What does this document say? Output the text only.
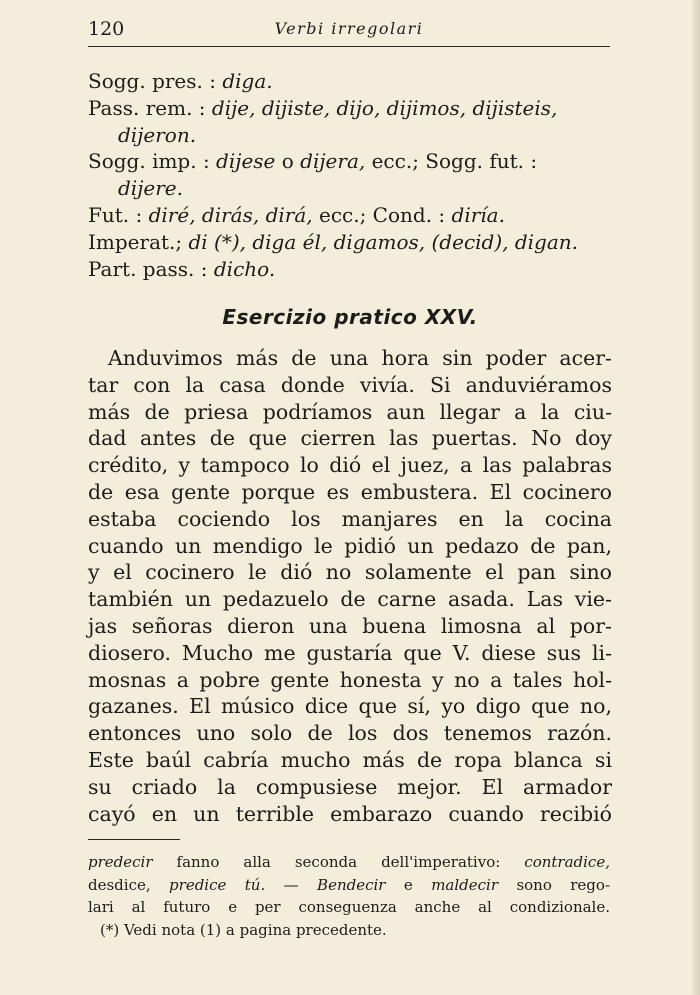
120	Verbi irregolari
Sogg. pres. : diga.
Pass. rem. : dije, dijiste, dijo, dijimos, dijisteis,
dijeron.
Sogg. imp. : dijese o dijera, ecc.; Sogg. fut. :
dijere.
Fut. : diré, dirás, dirá, ecc.; Cond. : diría.
Imperat.; di (*), diga él, digamos, (decid), digan.
Part. pass. : dicho.
Esercizio pratico XXV.
Anduvimos más de una hora sin poder acer-
tar con la casa donde vivía. Si anduviéramos
más de priesa podríamos aun llegar a la ciu-
dad antes de que cierren las puertas. No doy
crédito, y tampoco lo dió el juez, a las palabras
de esa gente porque es embustera. El cocinero
estaba cociendo los manjares en la cocina
cuando un mendigo le pidió un pedazo de pan,
y el cocinero le dió no solamente el pan sino
también un pedazuelo de carne asada. Las vie-
jas señoras dieron una buena limosna al por-
diosero. Mucho me gustaría que V. diese sus li-
mosnas a pobre gente honesta y no a tales hol-
gazanes. El músico dice que sí, yo digo que no,
entonces uno solo de los dos tenemos razón.
Este baúl cabría mucho más de ropa blanca si
su criado la compusiese mejor. El armador
cayó en un terrible embarazo cuando recibió
predecir fanno alla seconda dell'imperativo: contradice,
desdice, predice tú. — Bendecir e maldecir sono rego-
lari al futuro e per conseguenza anche al condizionale.
(*) Vedi nota (1) a pagina precedente.
